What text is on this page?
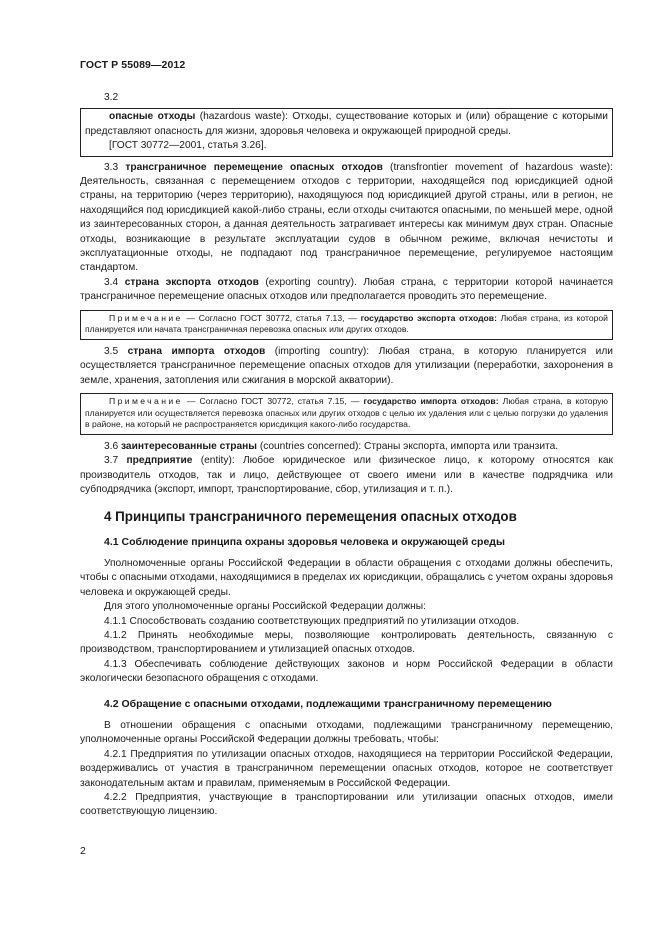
ГОСТ Р 55089—2012

3.2

опасные отходы (hazardous waste): Отходы, существование которых и (или) обращение с которыми представляют опасность для жизни, здоровья человека и окружающей природной среды.

[ГОСТ 30772—2001, статья 3.26].

3.3 трансграничное перемещение опасных отходов (transfrontier movement of hazardous waste): Деятельность, связанная с перемещением отходов с территории, находящейся под юрисдикцией одной страны, на территорию (через территорию), находящуюся под юрисдикцией другой страны, или в регион, не находящийся под юрисдикцией какой-либо страны, если отходы считаются опасными, по меньшей мере, одной из заинтересованных сторон, а данная деятельность затрагивает интересы как минимум двух стран. Опасные отходы, возникающие в результате эксплуатации судов в обычном режиме, включая нечистоты и эксплуатационные отходы, не подпадают под трансграничное перемещение, регулируемое настоящим стандартом.

3.4 страна экспорта отходов (exporting country). Любая страна, с территории которой начинается трансграничное перемещение опасных отходов или предполагается проводить это перемещение.

Примечание — Согласно ГОСТ 30772, статья 7.13, — государство экспорта отходов: Любая страна, из которой планируется или начата трансграничная перевозка опасных или других отходов.

3.5 страна импорта отходов (importing country): Любая страна, в которую планируется или осуществляется трансграничное перемещение опасных отходов для утилизации (переработки, захоронения в земле, хранения, затопления или сжигания в морской акватории).

Примечание — Согласно ГОСТ 30772, статья 7.15, — государство импорта отходов: Любая страна, в которую планируется или осуществляется перевозка опасных или других отходов с целью их удаления или с целью погрузки до удаления в районе, на который не распространяется юрисдикция какого-либо государства.

3.6 заинтересованные страны (countries concerned): Страны экспорта, импорта или транзита.

3.7 предприятие (entity): Любое юридическое или физическое лицо, к которому относятся как производитель отходов, так и лицо, действующее от своего имени или в качестве подрядчика или субподрядчика (экспорт, импорт, транспортирование, сбор, утилизация и т. п.).

4 Принципы трансграничного перемещения опасных отходов
4.1 Соблюдение принципа охраны здоровья человека и окружающей среды

Уполномоченные органы Российской Федерации в области обращения с отходами должны обеспечить, чтобы с опасными отходами, находящимися в пределах их юрисдикции, обращались с учетом охраны здоровья человека и окружающей среды.

Для этого уполномоченные органы Российской Федерации должны:

4.1.1 Способствовать созданию соответствующих предприятий по утилизации отходов.

4.1.2 Принять необходимые меры, позволяющие контролировать деятельность, связанную с производством, транспортированием и утилизацией опасных отходов.

4.1.3 Обеспечивать соблюдение действующих законов и норм Российской Федерации в области экологически безопасного обращения с отходами.

4.2 Обращение с опасными отходами, подлежащими трансграничному перемещению

В отношении обращения с опасными отходами, подлежащими трансграничному перемещению, уполномоченные органы Российской Федерации должны требовать, чтобы:

4.2.1 Предприятия по утилизации опасных отходов, находящиеся на территории Российской Федерации, воздерживались от участия в трансграничном перемещении опасных отходов, которое не соответствует законодательным актам и правилам, применяемым в Российской Федерации.

4.2.2 Предприятия, участвующие в транспортировании или утилизации опасных отходов, имели соответствующую лицензию.

2
